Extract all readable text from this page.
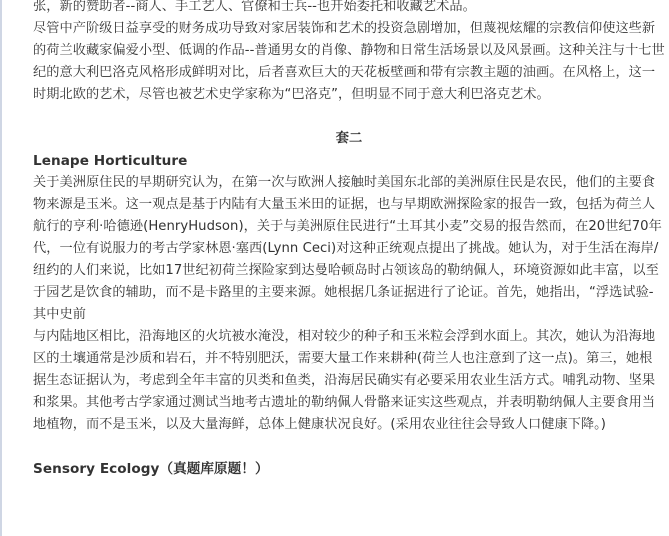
张，新的赞助者--商人、手工艺人、官僚和士兵--也开始委托和收藏艺术品。

尽管中产阶级日益享受的财务成功导致对家居装饰和艺术的投资急剧增加，但蔑视炫耀的宗教信仰使这些新的荷兰收藏家偏爱小型、低调的作品--普通男女的肖像、静物和日常生活场景以及风景画。这种关注与十七世纪的意大利巴洛克风格形成鲜明对比，后者喜欢巨大的天花板壁画和带有宗教主题的油画。在风格上，这一时期北欧的艺术，尽管也被艺术史学家称为“巴洛克”，但明显不同于意大利巴洛克艺术。

套二

Lenape Horticulture

关于美洲原住民的早期研究认为，在第一次与欧洲人接触时美国东北部的美洲原住民是农民，他们的主要食物来源是玉米。这一观点是基于内陆有大量玉米田的证据，也与早期欧洲探险家的报告一致，包括为荷兰人航行的亨利·哈德逊(HenryHudson)，关于与美洲原住民进行“土耳其小麦”交易的报告然而，在20世纪70年代，一位有说服力的考古学家林恩·塞西(Lynn Ceci)对这种正统观点提出了挑战。她认为，对于生活在海岸/纽约的人们来说，比如17世纪初荷兰探险家到达曼哈顿岛时占领该岛的勒纳佩人，环境资源如此丰富，以至于园艺是饮食的辅助，而不是卡路里的主要来源。她根据几条证据进行了论证。首先，她指出，“浮选试验-其中史前

与内陆地区相比，沿海地区的火坑被水淹没，相对较少的种子和玉米粒会浮到水面上。其次，她认为沿海地区的土壤通常是沙质和岩石，并不特别肥沃，需要大量工作来耕种(荷兰人也注意到了这一点)。第三，她根据生态证据认为，考虑到全年丰富的贝类和鱼类，沿海居民确实有必要采用农业生活方式。哺乳动物、坚果和浆果。其他考古学家通过测试当地考古遗址的勒纳佩人骨骼来证实这些观点，并表明勒纳佩人主要食用当地植物，而不是玉米，以及大量海鲜，总体上健康状况良好。(采用农业往往会导致人口健康下降。)

Sensory Ecology（真题库原题！）
